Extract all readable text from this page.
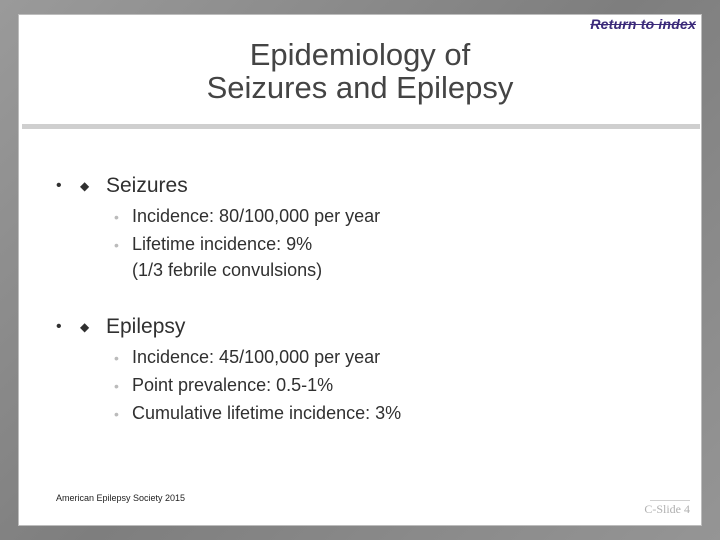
Return to index
Epidemiology of
Seizures and Epilepsy
•	◆ Seizures
• Incidence: 80/100,000 per year
• Lifetime incidence: 9%
(1/3 febrile convulsions)
•	◆ Epilepsy
• Incidence: 45/100,000 per year
• Point prevalence: 0.5-1%
• Cumulative lifetime incidence: 3%
American Epilepsy Society 2015
C-Slide 4
